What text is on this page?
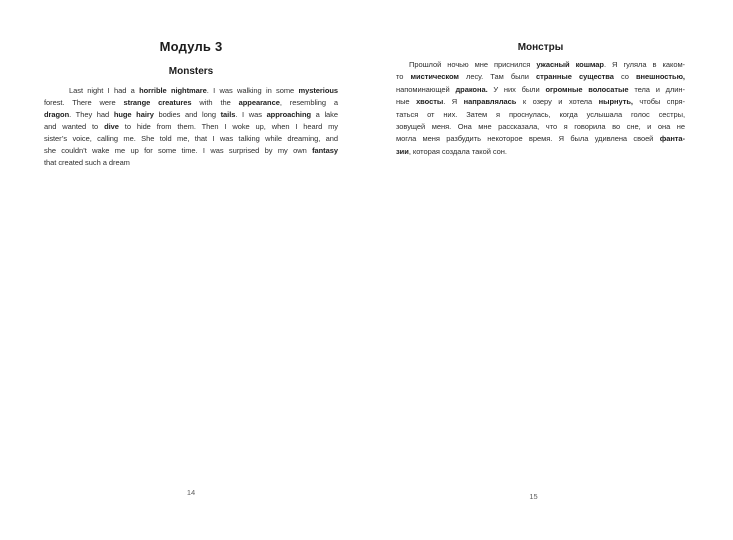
Модуль 3
Monsters
Last night I had a horrible nightmare. I was walking in some mysterious
forest. There were strange creatures with the appearance, resembling a
dragon. They had huge hairy bodies and long tails. I was approaching a lake
and wanted to dive to hide from them. Then I woke up, when I heard my
sister’s voice, calling me. She told me, that I was talking while dreaming, and
she couldn’t wake me up for some time. I was surprised by my own fantasy
that created such a dream
14
Монстры
Прошлой ночью мне приснился ужасный кошмар. Я гуляла в каком-
то мистическом лесу. Там были странные существа со внешностью,
напоминающей дракона. У них были огромные волосатые тела и длин-
ные хвосты. Я направлялась к озеру и хотела нырнуть, чтобы спря-
таться от них. Затем я проснулась, когда услышала голос сестры,
зовущей меня. Она мне рассказала, что я говорила во сне, и она не
могла меня разбудить некоторое время. Я была удивлена своей фанта-
зии, которая создала такой сон.
15
